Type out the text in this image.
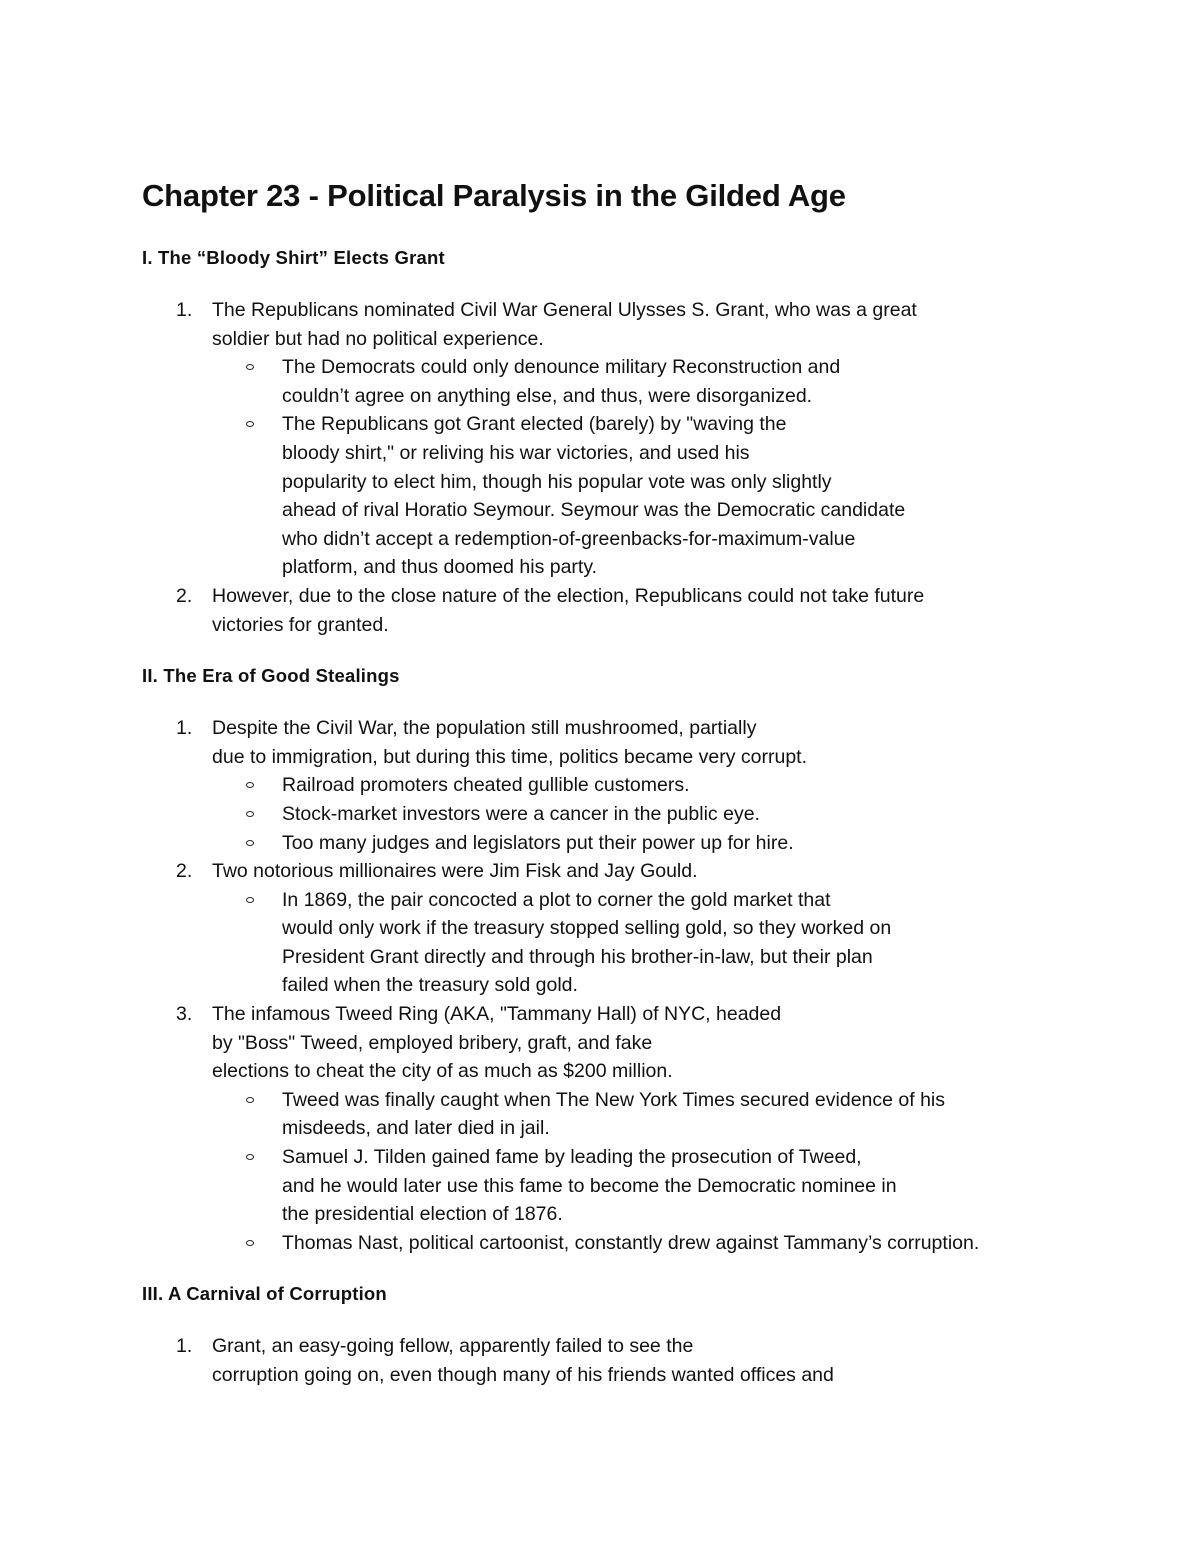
Chapter 23 - Political Paralysis in the Gilded Age
I. The “Bloody Shirt” Elects Grant
1. The Republicans nominated Civil War General Ulysses S. Grant, who was a great
soldier but had no political experience.
The Democrats could only denounce military Reconstruction and
couldn’t agree on anything else, and thus, were disorganized.
The Republicans got Grant elected (barely) by "waving the
bloody shirt," or reliving his war victories, and used his
popularity to elect him, though his popular vote was only slightly
ahead of rival Horatio Seymour. Seymour was the Democratic candidate
who didn’t accept a redemption-of-greenbacks-for-maximum-value
platform, and thus doomed his party.
2. However, due to the close nature of the election, Republicans could not take future
victories for granted.
II. The Era of Good Stealings
1. Despite the Civil War, the population still mushroomed, partially
due to immigration, but during this time, politics became very corrupt.
Railroad promoters cheated gullible customers.
Stock-market investors were a cancer in the public eye.
Too many judges and legislators put their power up for hire.
2. Two notorious millionaires were Jim Fisk and Jay Gould.
In 1869, the pair concocted a plot to corner the gold market that
would only work if the treasury stopped selling gold, so they worked on
President Grant directly and through his brother-in-law, but their plan
failed when the treasury sold gold.
3. The infamous Tweed Ring (AKA, "Tammany Hall) of NYC, headed
by "Boss" Tweed, employed bribery, graft, and fake
elections to cheat the city of as much as $200 million.
Tweed was finally caught when The New York Times secured evidence of his
misdeeds, and later died in jail.
Samuel J. Tilden gained fame by leading the prosecution of Tweed,
and he would later use this fame to become the Democratic nominee in
the presidential election of 1876.
Thomas Nast, political cartoonist, constantly drew against Tammany’s corruption.
III. A Carnival of Corruption
1. Grant, an easy-going fellow, apparently failed to see the
corruption going on, even though many of his friends wanted offices and
